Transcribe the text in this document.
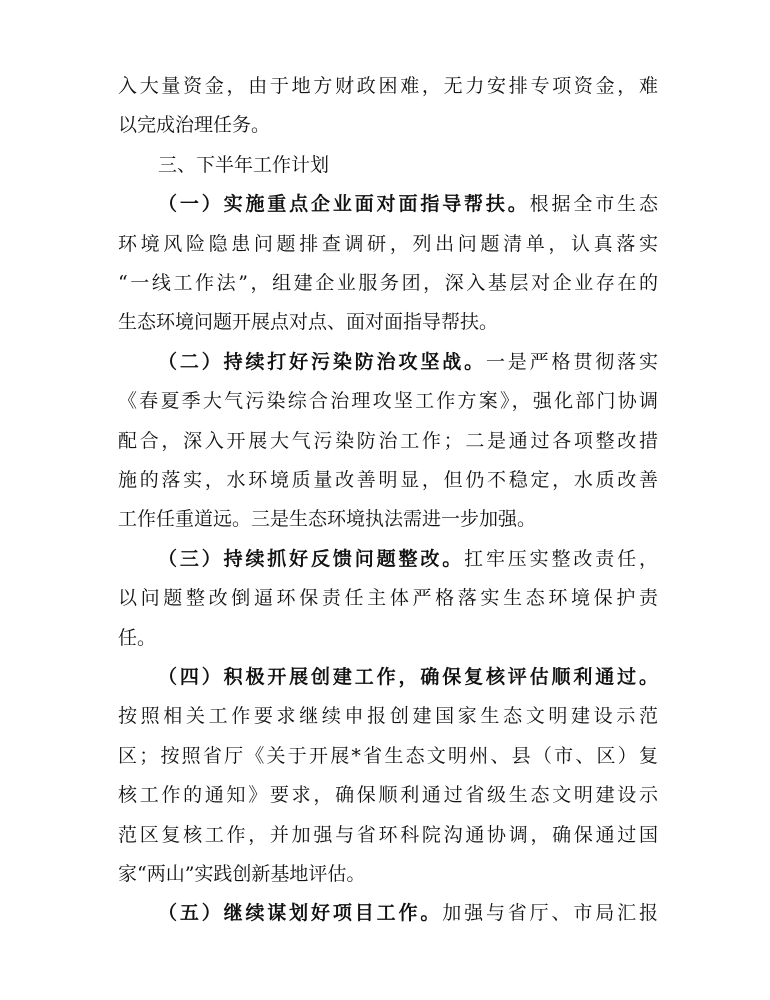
入大量资金，由于地方财政困难，无力安排专项资金，难
以完成治理任务。
三、下半年工作计划
（一）实施重点企业面对面指导帮扶。根据全市生态
环境风险隐患问题排查调研，列出问题清单，认真落实
“一线工作法”，组建企业服务团，深入基层对企业存在的
生态环境问题开展点对点、面对面指导帮扶。
（二）持续打好污染防治攻坚战。一是严格贯彻落实
《春夏季大气污染综合治理攻坚工作方案》，强化部门协调
配合，深入开展大气污染防治工作；二是通过各项整改措
施的落实，水环境质量改善明显，但仍不稳定，水质改善
工作任重道远。三是生态环境执法需进一步加强。
（三）持续抓好反馈问题整改。扛牢压实整改责任，
以问题整改倒逼环保责任主体严格落实生态环境保护责
任。
（四）积极开展创建工作，确保复核评估顺利通过。
按照相关工作要求继续申报创建国家生态文明建设示范
区；按照省厅《关于开展*省生态文明州、县（市、区）复
核工作的通知》要求，确保顺利通过省级生态文明建设示
范区复核工作，并加强与省环科院沟通协调，确保通过国
家“两山”实践创新基地评估。
（五）继续谋划好项目工作。加强与省厅、市局汇报
